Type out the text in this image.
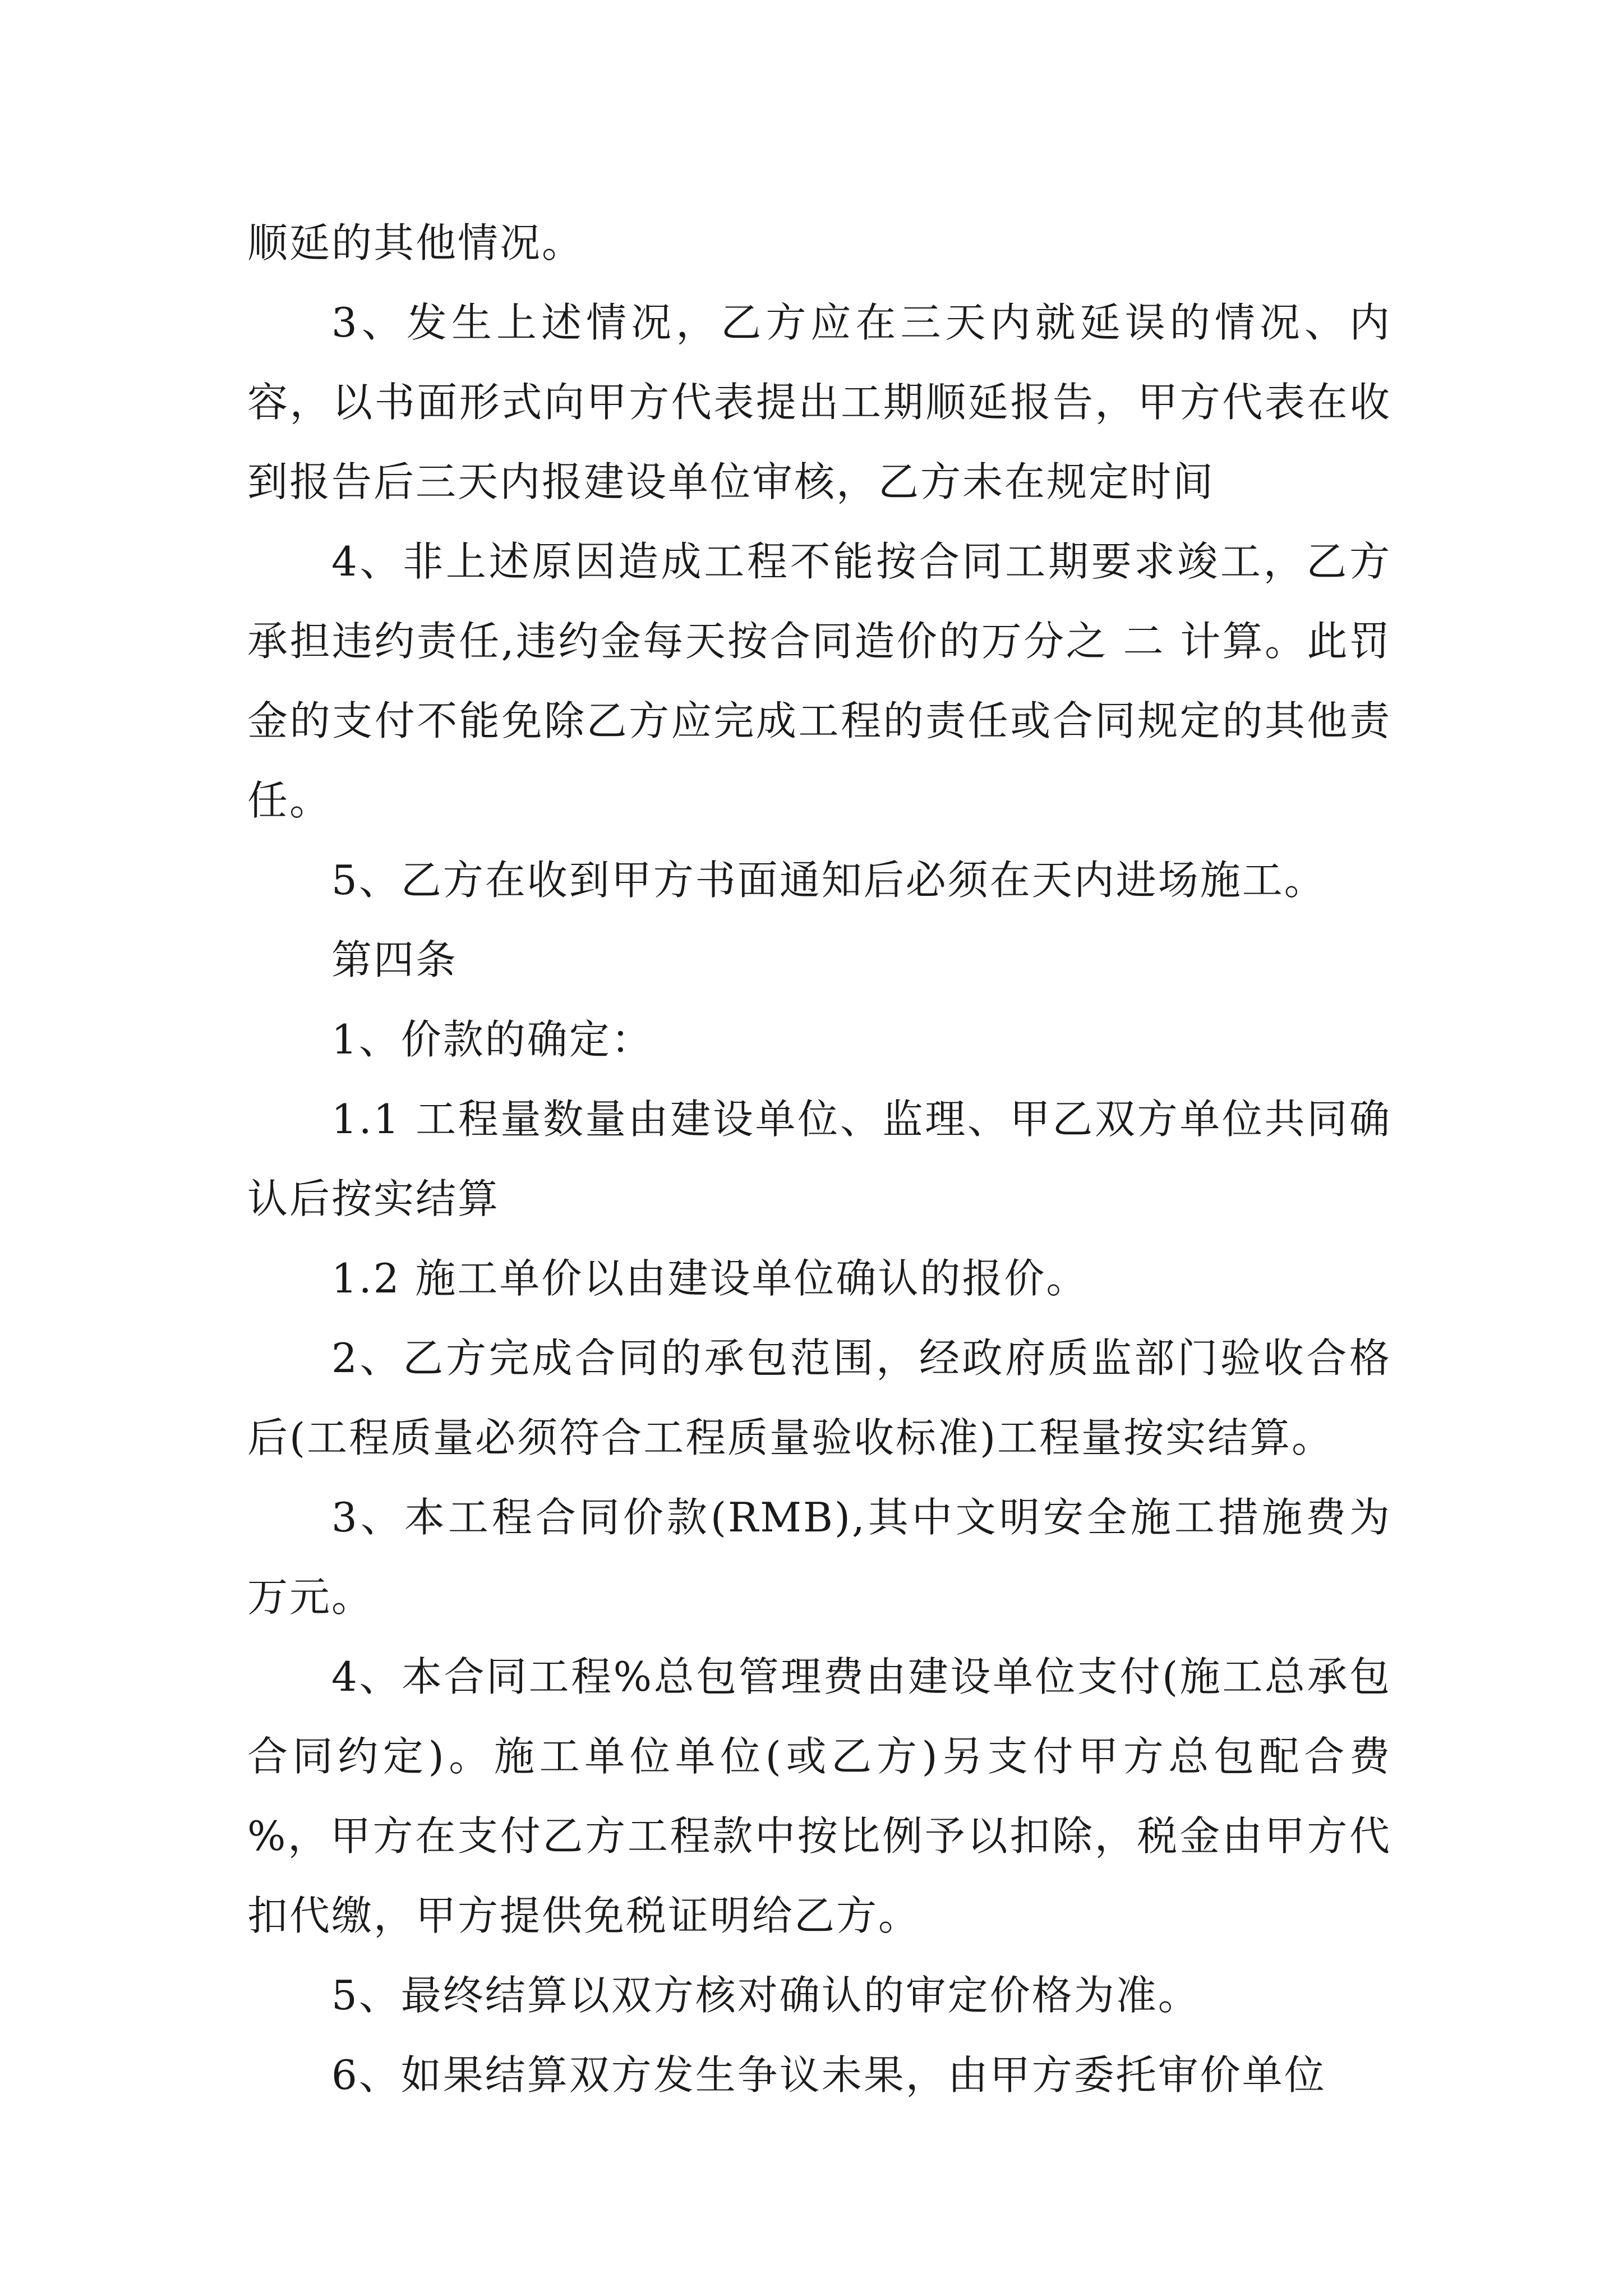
顺延的其他情况。

3、发生上述情况，乙方应在三天内就延误的情况、内容，以书面形式向甲方代表提出工期顺延报告，甲方代表在收到报告后三天内报建设单位审核，乙方未在规定时间

4、非上述原因造成工程不能按合同工期要求竣工，乙方承担违约责任,违约金每天按合同造价的万分之 二 计算。此罚金的支付不能免除乙方应完成工程的责任或合同规定的其他责任。

5、乙方在收到甲方书面通知后必须在天内进场施工。

第四条

1、价款的确定：

1.1 工程量数量由建设单位、监理、甲乙双方单位共同确认后按实结算

1.2 施工单价以由建设单位确认的报价。

2、乙方完成合同的承包范围，经政府质监部门验收合格后(工程质量必须符合工程质量验收标准)工程量按实结算。

3、本工程合同价款(RMB),其中文明安全施工措施费为万元。

4、本合同工程%总包管理费由建设单位支付(施工总承包合同约定)。施工单位单位(或乙方)另支付甲方总包配合费 %，甲方在支付乙方工程款中按比例予以扣除，税金由甲方代扣代缴，甲方提供免税证明给乙方。

5、最终结算以双方核对确认的审定价格为准。

6、如果结算双方发生争议未果，由甲方委托审价单位
